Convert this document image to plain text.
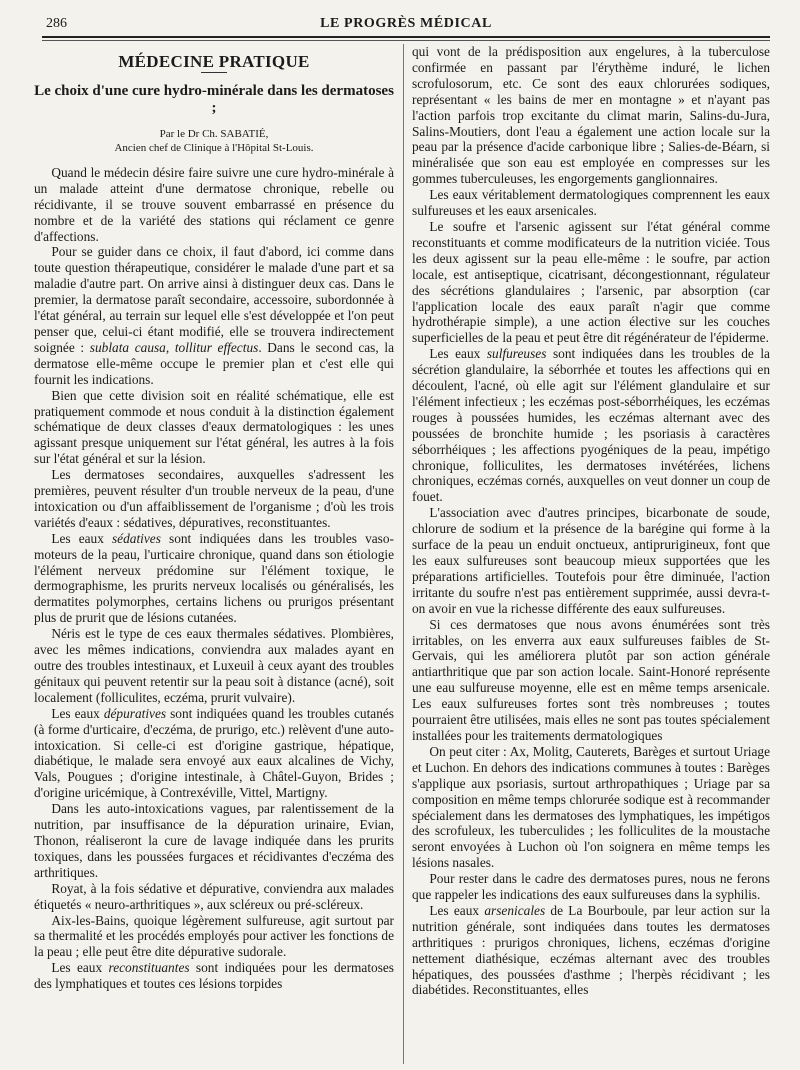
286	LE PROGRÈS MÉDICAL
MÉDECINE PRATIQUE
Le choix d'une cure hydro-minérale dans les dermatoses ;
Par le Dr Ch. SABATIÉ,
Ancien chef de Clinique à l'Hôpital St-Louis.

Quand le médecin désire faire suivre une cure hydro-minérale à un malade atteint d'une dermatose chronique, rebelle ou récidivante, il se trouve souvent embarrassé en présence du nombre et de la variété des stations qui réclament ce genre d'affections.

Pour se guider dans ce choix, il faut d'abord, ici comme dans toute question thérapeutique, considérer le malade d'une part et sa maladie d'autre part. On arrive ainsi à distinguer deux cas. Dans le premier, la dermatose paraît secondaire, accessoire, subordonnée à l'état général, au terrain sur lequel elle s'est développée et l'on peut penser que, celui-ci étant modifié, elle se trouvera indirectement soignée : sublata causa, tollitur effectus. Dans le second cas, la dermatose elle-même occupe le premier plan et c'est elle qui fournit les indications.

Bien que cette division soit en réalité schématique, elle est pratiquement commode et nous conduit à la distinction également schématique de deux classes d'eaux dermatologiques : les unes agissant presque uniquement sur l'état général, les autres à la fois sur l'état général et sur la lésion.

Les dermatoses secondaires, auxquelles s'adressent les premières, peuvent résulter d'un trouble nerveux de la peau, d'une intoxication ou d'un affaiblissement de l'organisme ; d'où les trois variétés d'eaux : sédatives, dépuratives, reconstituantes.

Les eaux sédatives sont indiquées dans les troubles vaso-moteurs de la peau, l'urticaire chronique, quand dans son étiologie l'élément nerveux prédomine sur l'élément toxique, le dermographisme, les prurits nerveux localisés ou généralisés, les dermatites polymorphes, certains lichens ou prurigos présentant plus de prurit que de lésions cutanées.

Néris est le type de ces eaux thermales sédatives. Plombières, avec les mêmes indications, conviendra aux malades ayant en outre des troubles intestinaux, et Luxeuil à ceux ayant des troubles génitaux qui peuvent retentir sur la peau soit à distance (acné), soit localement (folliculites, eczéma, prurit vulvaire).

Les eaux dépuratives sont indiquées quand les troubles cutanés (à forme d'urticaire, d'eczéma, de prurigo, etc.) relèvent d'une auto-intoxication. Si celle-ci est d'origine gastrique, hépatique, diabétique, le malade sera envoyé aux eaux alcalines de Vichy, Vals, Pougues ; d'origine intestinale, à Châtel-Guyon, Brides ; d'origine uricémique, à Contrexéville, Vittel, Martigny.

Dans les auto-intoxications vagues, par ralentissement de la nutrition, par insuffisance de la dépuration urinaire, Evian, Thonon, réaliseront la cure de lavage indiquée dans les prurits toxiques, dans les poussées furgaces et récidivantes d'eczéma des arthritiques.

Royat, à la fois sédative et dépurative, conviendra aux malades étiquetés « neuro-arthritiques », aux scléreux ou pré-scléreux.

Aix-les-Bains, quoique légèrement sulfureuse, agit surtout par sa thermalité et les procédés employés pour activer les fonctions de la peau ; elle peut être dite dépurative sudorale.

Les eaux reconstituantes sont indiquées pour les dermatoses des lymphatiques et toutes ces lésions torpides

qui vont de la prédisposition aux engelures, à la tuberculose confirmée en passant par l'érythème induré, le lichen scrofulosorum, etc. Ce sont des eaux chlorurées sodiques, représentant « les bains de mer en montagne » et n'ayant pas l'action parfois trop excitante du climat marin, Salins-du-Jura, Salins-Moutiers, dont l'eau a également une action locale sur la peau par la présence d'acide carbonique libre ; Salies-de-Béarn, si minéralisée que son eau est employée en compresses sur les gommes tuberculeuses, les engorgements ganglionnaires.

Les eaux véritablement dermatologiques comprennent les eaux sulfureuses et les eaux arsenicales.

Le soufre et l'arsenic agissent sur l'état général comme reconstituants et comme modificateurs de la nutrition viciée. Tous les deux agissent sur la peau elle-même : le soufre, par action locale, est antiseptique, cicatrisant, décongestionnant, régulateur des sécrétions glandulaires ; l'arsenic, par absorption (car l'application locale des eaux paraît n'agir que comme hydrothérapie simple), a une action élective sur les couches superficielles de la peau et peut être dit régénérateur de l'épiderme.

Les eaux sulfureuses sont indiquées dans les troubles de la sécrétion glandulaire, la séborrhée et toutes les affections qui en découlent, l'acné, où elle agit sur l'élément glandulaire et sur l'élément infectieux ; les eczémas post-séborrhéiques, les eczémas rouges à poussées humides, les eczémas alternant avec des poussées de bronchite humide ; les psoriasis à caractères séborrhéiques ; les affections pyogéniques de la peau, impétigo chronique, folliculites, les dermatoses invétérées, lichens chroniques, eczémas cornés, auxquelles on veut donner un coup de fouet.

L'association avec d'autres principes, bicarbonate de soude, chlorure de sodium et la présence de la barégine qui forme à la surface de la peau un enduit onctueux, antiprurigineux, font que les eaux sulfureuses sont beaucoup mieux supportées que les préparations artificielles. Toutefois pour être diminuée, l'action irritante du soufre n'est pas entièrement supprimée, aussi devra-t-on avoir en vue la richesse différente des eaux sulfureuses.

Si ces dermatoses que nous avons énumérées sont très irritables, on les enverra aux eaux sulfureuses faibles de St-Gervais, qui les améliorera plutôt par son action générale antiarthritique que par son action locale. Saint-Honoré représente une eau sulfureuse moyenne, elle est en même temps arsenicale. Les eaux sulfureuses fortes sont très nombreuses ; toutes pourraient être utilisées, mais elles ne sont pas toutes spécialement installées pour les traitements dermatologiques

On peut citer : Ax, Molitg, Cauterets, Barèges et surtout Uriage et Luchon. En dehors des indications communes à toutes : Barèges s'applique aux psoriasis, surtout arthropathiques ; Uriage par sa composition en même temps chlorurée sodique est à recommander spécialement dans les dermatoses des lymphatiques, les impétigos des scrofuleux, les tuberculides ; les folliculites de la moustache seront envoyées à Luchon où l'on soignera en même temps les lésions nasales.

Pour rester dans le cadre des dermatoses pures, nous ne ferons que rappeler les indications des eaux sulfureuses dans la syphilis.

Les eaux arsenicales de La Bourboule, par leur action sur la nutrition générale, sont indiquées dans toutes les dermatoses arthritiques : prurigos chroniques, lichens, eczémas d'origine nettement diathésique, eczémas alternant avec des troubles hépatiques, des poussées d'asthme ; l'herpès récidivant ; les diabétides. Reconstituantes, elles
